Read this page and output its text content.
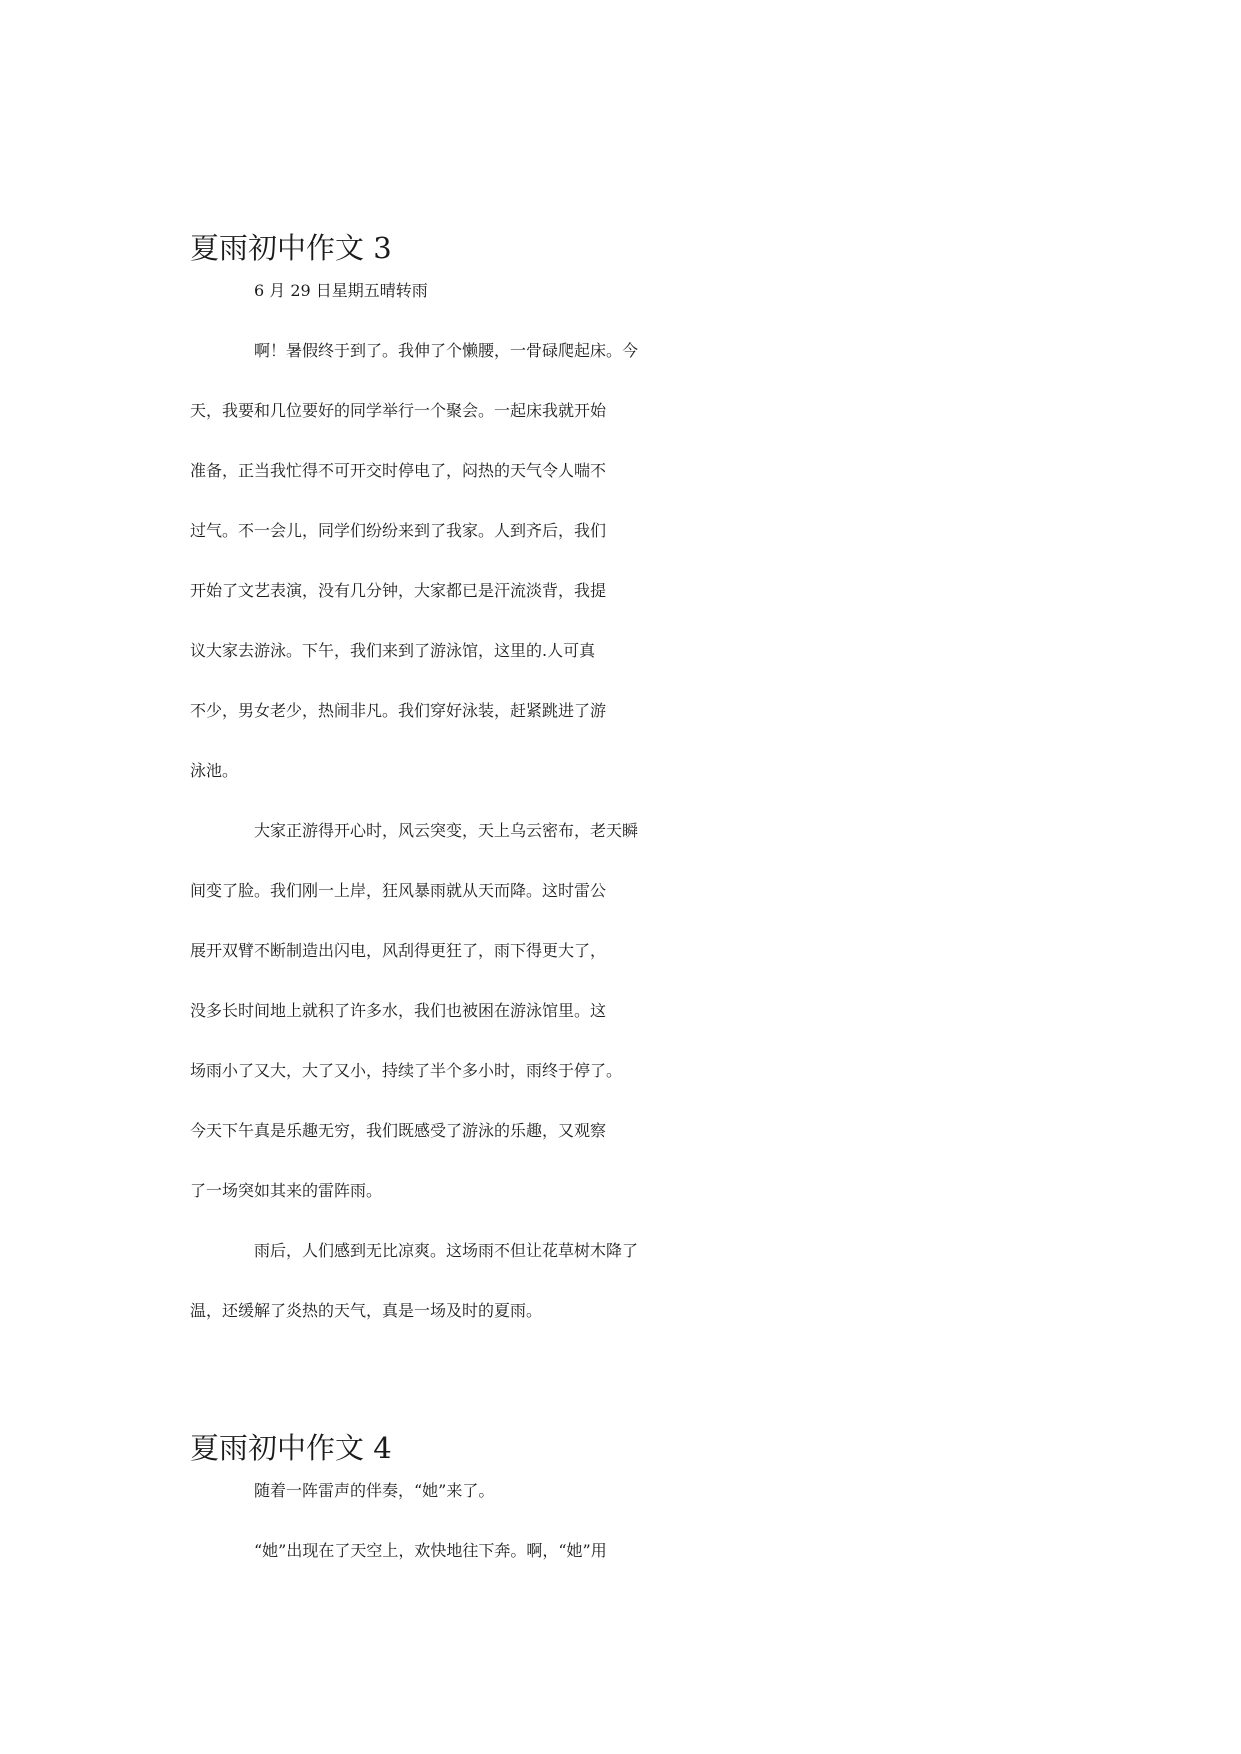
夏雨初中作文 3
6 月 29 日星期五晴转雨
啊！暑假终于到了。我伸了个懒腰，一骨碌爬起床。今
天，我要和几位要好的同学举行一个聚会。一起床我就开始
准备，正当我忙得不可开交时停电了，闷热的天气令人喘不
过气。不一会儿，同学们纷纷来到了我家。人到齐后，我们
开始了文艺表演，没有几分钟，大家都已是汗流淡背，我提
议大家去游泳。下午，我们来到了游泳馆，这里的.人可真
不少，男女老少，热闹非凡。我们穿好泳装，赶紧跳进了游
泳池。
大家正游得开心时，风云突变，天上乌云密布，老天瞬
间变了脸。我们刚一上岸，狂风暴雨就从天而降。这时雷公
展开双臂不断制造出闪电，风刮得更狂了，雨下得更大了，
没多长时间地上就积了许多水，我们也被困在游泳馆里。这
场雨小了又大，大了又小，持续了半个多小时，雨终于停了。
今天下午真是乐趣无穷，我们既感受了游泳的乐趣，又观察
了一场突如其来的雷阵雨。
雨后，人们感到无比凉爽。这场雨不但让花草树木降了
温，还缓解了炎热的天气，真是一场及时的夏雨。
夏雨初中作文 4
随着一阵雷声的伴奏，“她”来了。
“她”出现在了天空上，欢快地往下奔。啊，“她”用
